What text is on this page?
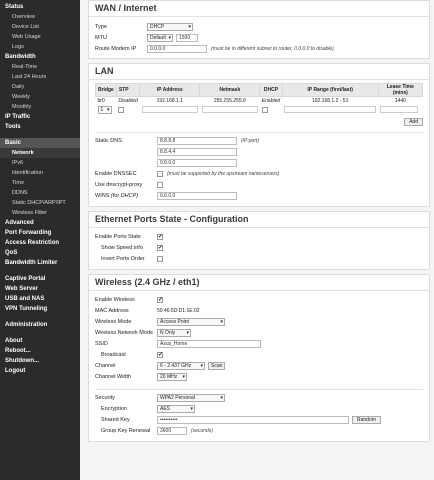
Status
Overview
Device List
Web Usage
Logs
Bandwidth
Real-Time
Last 24 Hours
Daily
Weekly
Monthly
IP Traffic
Tools
Basic
Network
IPv6
Identification
Time
DDNS
Static DHCP/ARP/IPT
Wireless Filter
Advanced
Port Forwarding
Access Restriction
QoS
Bandwidth Limiter
Captive Portal
Web Server
USB and NAS
VPN Tunneling
Administration
About
Reboot...
Shutdown...
Logout
WAN / Internet
Type	DHCP ▾
MTU	Default ▾	1500
Route Modem IP	0.0.0.0	(must be in different subnet to router, 0.0.0.0 to disable)
LAN
Bridge	STP	IP Address	Netmask	DHCP	IP Range (first/last)	Lease Time (mins)
br0	Disabled	192.168.1.1	255.255.255.0	Enabled	192.168.1.2 - 51	1440
1 ▾						
Add
Static DNS	8.8.8.8	(IP:port)
8.8.4.4
0.0.0.0
Enable DNSSEC	(must be supported by the upstream nameservers)
Use dnscrypt-proxy
WINS (for DHCP)	0.0.0.0
Ethernet Ports State - Configuration
Enable Ports State
✓
Show Speed Info
✓
Invert Ports Order
Wireless (2.4 GHz / eth1)
Enable Wireless
✓
MAC Address	50:46:5D:D1:1E:02
Wireless Mode	Access Point ▾
Wireless Network Mode	N Only ▾
SSID	Asus_Home
Broadcast
✓
Channel	6 - 2.437 GHz ▾	Scan
Channel Width	20 MHz ▾
Security	WPA2 Personal ▾
Encryption	AES ▾
Shared Key	••••••••••	Random
Group Key Renewal	3600	(seconds)
